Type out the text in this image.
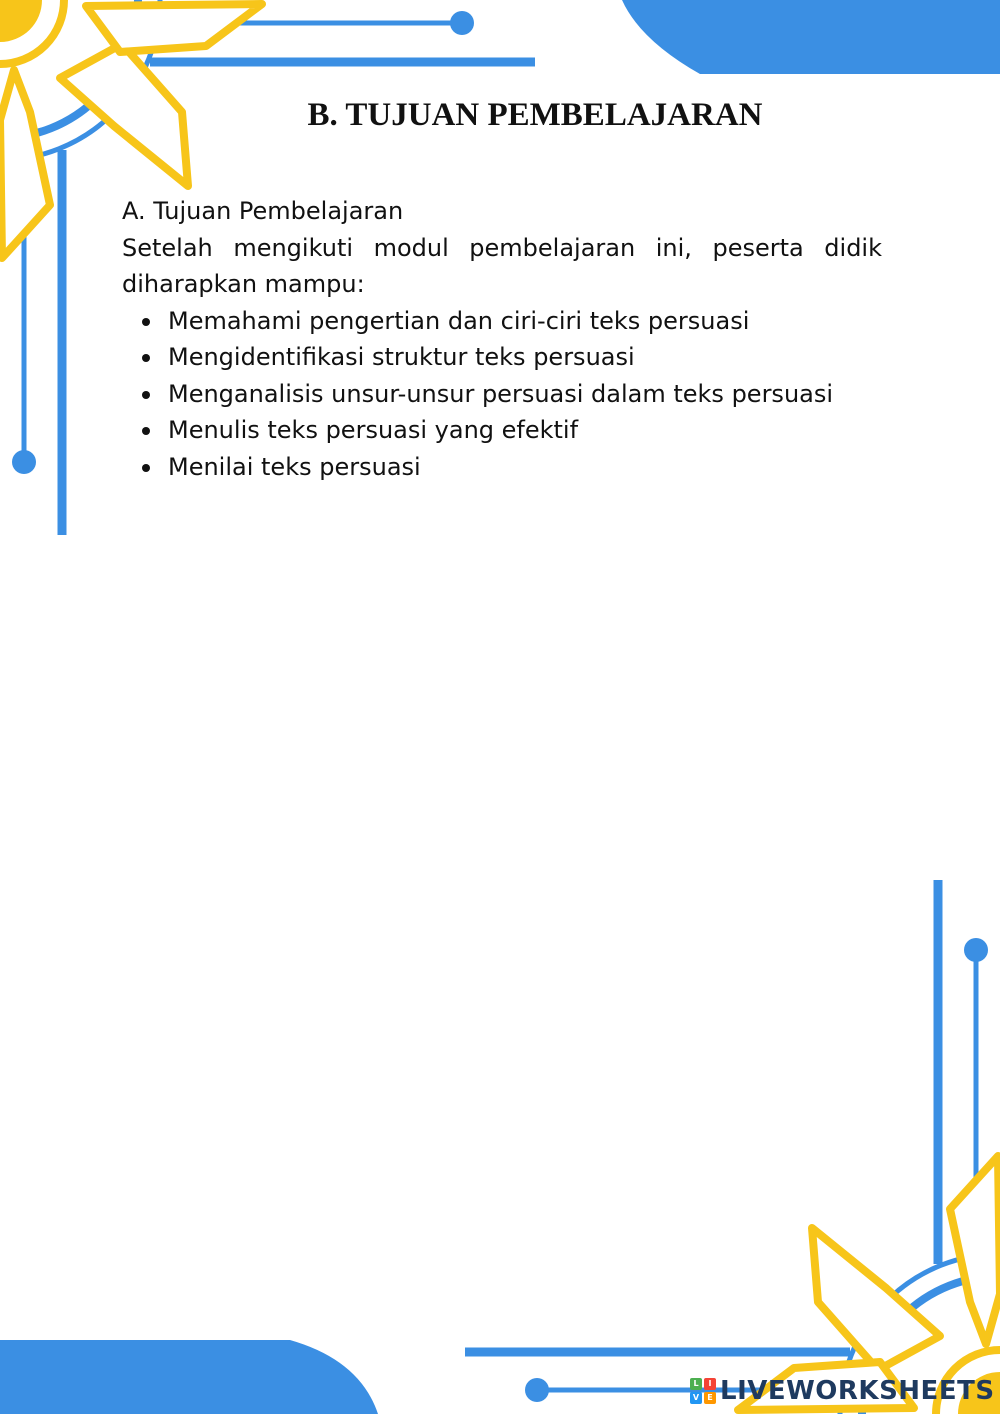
B. TUJUAN PEMBELAJARAN

A. Tujuan Pembelajaran

Setelah mengikuti modul pembelajaran ini, peserta didik diharapkan mampu:

Memahami pengertian dan ciri-ciri teks persuasi
Mengidentifikasi struktur teks persuasi
Menganalisis unsur-unsur persuasi dalam teks persuasi
Menulis teks persuasi yang efektif
Menilai teks persuasi
L	I
V	E LIVEWORKSHEETS
